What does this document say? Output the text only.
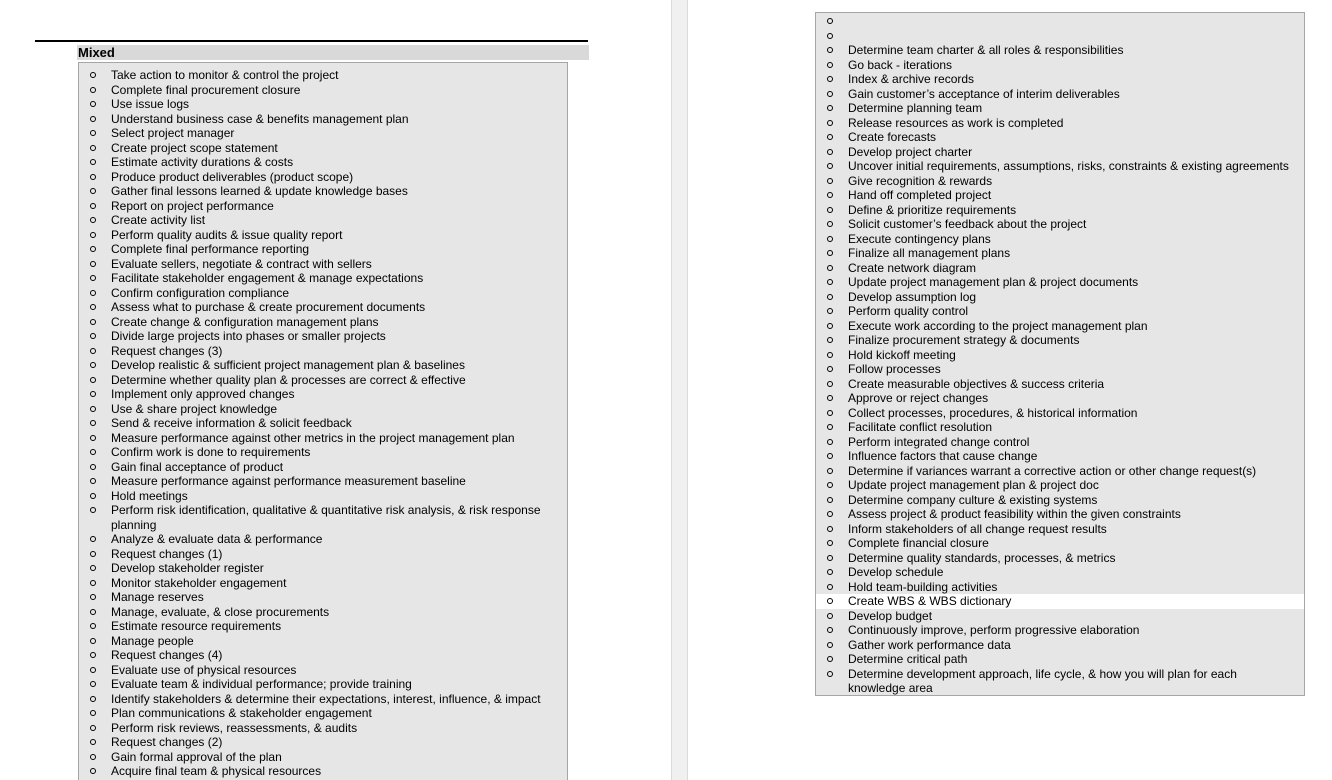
Mixed
Take action to monitor & control the project
Complete final procurement closure
Use issue logs
Understand business case & benefits management plan
Select project manager
Create project scope statement
Estimate activity durations & costs
Produce product deliverables (product scope)
Gather final lessons learned & update knowledge bases
Report on project performance
Create activity list
Perform quality audits & issue quality report
Complete final performance reporting
Evaluate sellers, negotiate & contract with sellers
Facilitate stakeholder engagement & manage expectations
Confirm configuration compliance
Assess what to purchase & create procurement documents
Create change & configuration management plans
Divide large projects into phases or smaller projects
Request changes (3)
Develop realistic & sufficient project management plan & baselines
Determine whether quality plan & processes are correct & effective
Implement only approved changes
Use & share project knowledge
Send & receive information & solicit feedback
Measure performance against other metrics in the project management plan
Confirm work is done to requirements
Gain final acceptance of product
Measure performance against performance measurement baseline
Hold meetings
Perform risk identification, qualitative & quantitative risk analysis, & risk response planning
Analyze & evaluate data & performance
Request changes (1)
Develop stakeholder register
Monitor stakeholder engagement
Manage reserves
Manage, evaluate, & close procurements
Estimate resource requirements
Manage people
Request changes (4)
Evaluate use of physical resources
Evaluate team & individual performance; provide training
Identify stakeholders & determine their expectations, interest, influence, & impact
Plan communications & stakeholder engagement
Perform risk reviews, reassessments, & audits
Request changes (2)
Gain formal approval of the plan
Acquire final team & physical resources
Determine team charter & all roles & responsibilities
Go back - iterations
Index & archive records
Gain customer’s acceptance of interim deliverables
Determine planning team
Release resources as work is completed
Create forecasts
Develop project charter
Uncover initial requirements, assumptions, risks, constraints & existing agreements
Give recognition & rewards
Hand off completed project
Define & prioritize requirements
Solicit customer’s feedback about the project
Execute contingency plans
Finalize all management plans
Create network diagram
Update project management plan & project documents
Develop assumption log
Perform quality control
Execute work according to the project management plan
Finalize procurement strategy & documents
Hold kickoff meeting
Follow processes
Create measurable objectives & success criteria
Approve or reject changes
Collect processes, procedures, & historical information
Facilitate conflict resolution
Perform integrated change control
Influence factors that cause change
Determine if variances warrant a corrective action or other change request(s)
Update project management plan & project doc
Determine company culture & existing systems
Assess project & product feasibility within the given constraints
Inform stakeholders of all change request results
Complete financial closure
Determine quality standards, processes, & metrics
Develop schedule
Hold team-building activities
Create WBS & WBS dictionary
Develop budget
Continuously improve, perform progressive elaboration
Gather work performance data
Determine critical path
Determine development approach, life cycle, & how you will plan for each knowledge area
